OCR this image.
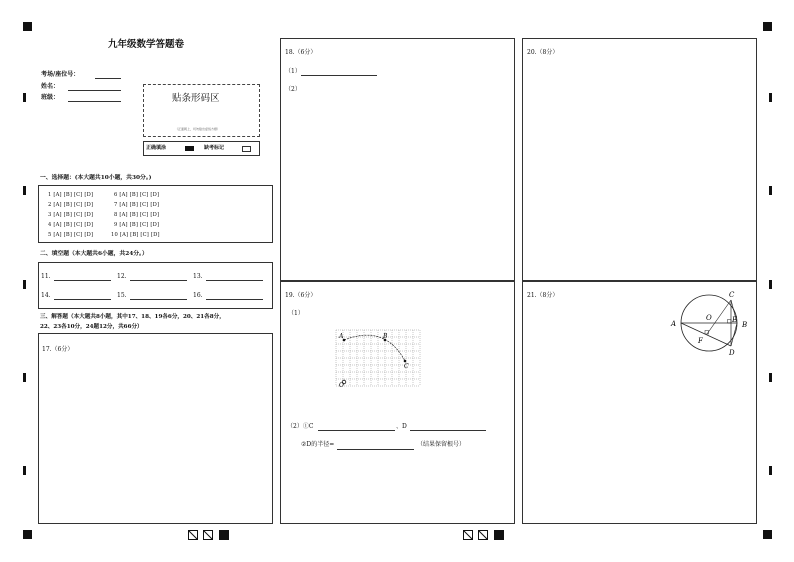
九年级数学答题卷
考场/座位号：
姓名：
班级：	贴条形码区
（正面朝上，切勿贴出虚线方框）
正确填涂	缺考标记
一、选择题：(本大题共10小题，共30分。)
1 [A] [B] [C] [D]
2 [A] [B] [C] [D]
3 [A] [B] [C] [D]
4 [A] [B] [C] [D]
5 [A] [B] [C] [D]
6 [A] [B] [C] [D]
7 [A] [B] [C] [D]
8 [A] [B] [C] [D]
9 [A] [B] [C] [D]
10 [A] [B] [C] [D]
二、填空题（本大题共6小题，共24分。）
11.	12.	13.
14.	15.	16.
三、解答题（本大题共8小题，其中17、18、19各6分，20、21各8分，
22、23各10分，24题12分，共66分）
17.（6分）
18.（6分）
（1）
（2）
19.（6分）
（1）
A	B
C
O
（2）①C	、D
②D的半径=	（结果保留根号）
20.（8分）
21.（8分）
A
O	E
B
C
F
D
